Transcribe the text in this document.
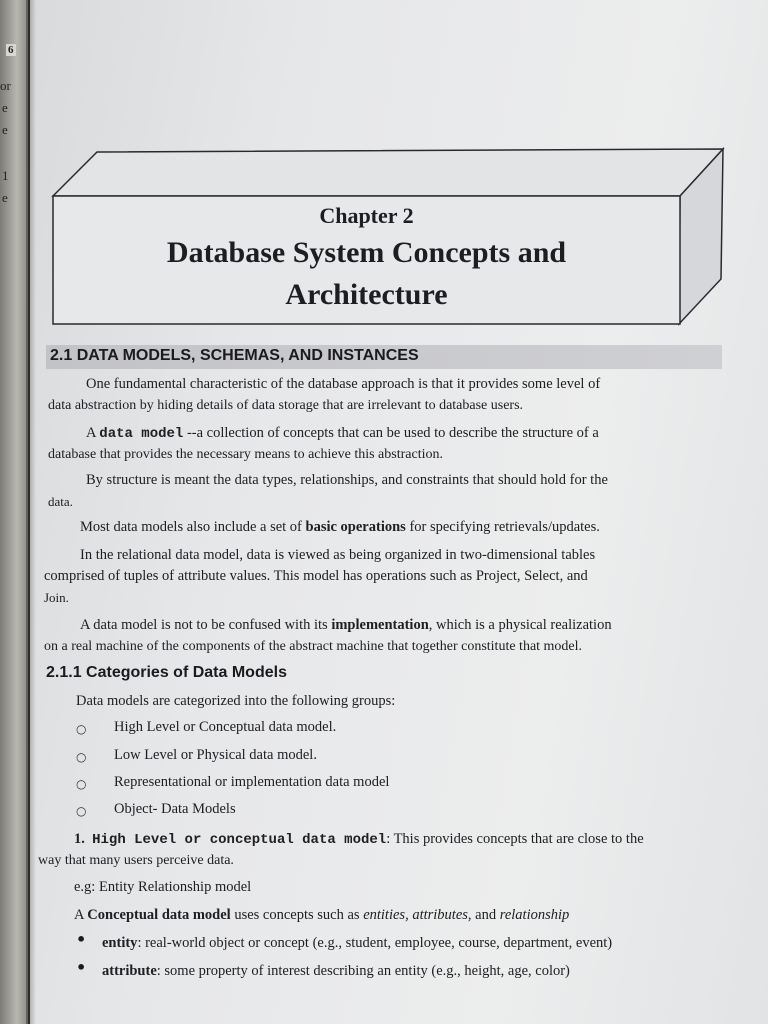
6
or
e
e
1
e
Chapter 2
Database System Concepts and
Architecture
2.1 DATA MODELS, SCHEMAS, AND INSTANCES
One fundamental characteristic of the database approach is that it provides some level of
data abstraction by hiding details of data storage that are irrelevant to database users.
A data model --a collection of concepts that can be used to describe the structure of a
database that provides the necessary means to achieve this abstraction.
By structure is meant the data types, relationships, and constraints that should hold for the
data.
Most data models also include a set of basic operations for specifying retrievals/updates.
In the relational data model, data is viewed as being organized in two-dimensional tables
comprised of tuples of attribute values. This model has operations such as Project, Select, and
Join.
A data model is not to be confused with its implementation, which is a physical realization
on a real machine of the components of the abstract machine that together constitute that model.
2.1.1 Categories of Data Models
Data models are categorized into the following groups:
○ High Level or Conceptual data model.
○ Low Level or Physical data model.
○ Representational or implementation data model
○ Object- Data Models
1. High Level or conceptual data model: This provides concepts that are close to the
way that many users perceive data.
e.g: Entity Relationship model
A Conceptual data model uses concepts such as entities, attributes, and relationship
• entity: real-world object or concept (e.g., student, employee, course, department, event)
• attribute: some property of interest describing an entity (e.g., height, age, color)
